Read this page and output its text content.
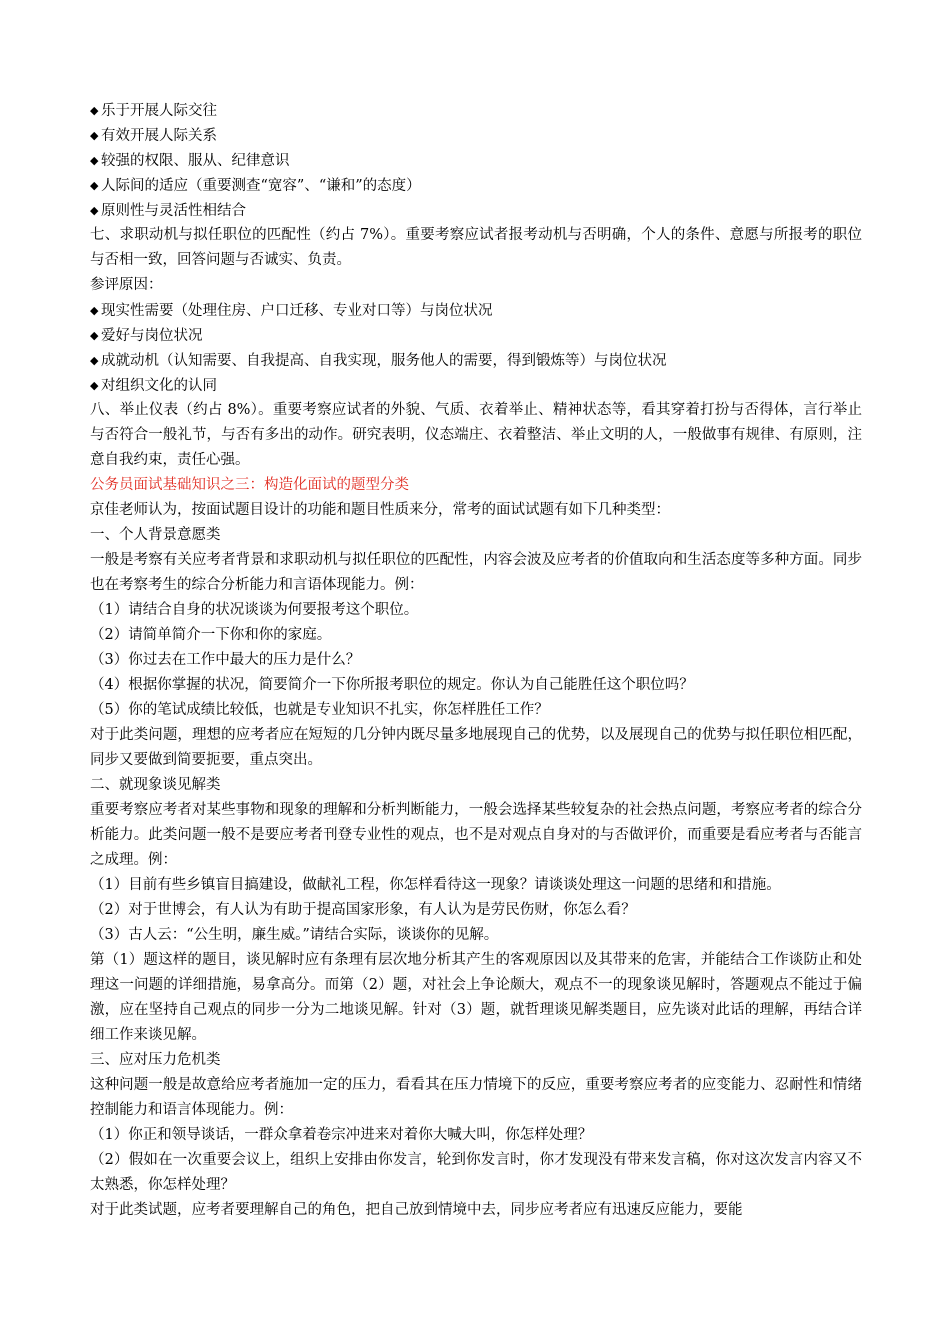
◆ 乐于开展人际交往
◆ 有效开展人际关系
◆ 较强的权限、服从、纪律意识
◆ 人际间的适应（重要测查“宽容”、“谦和”的态度）
◆ 原则性与灵活性相结合
七、求职动机与拟任职位的匹配性（约占 7%）。重要考察应试者报考动机与否明确，个人的条件、意愿与所报考的职位与否相一致，回答问题与否诚实、负责。
参评原因：
◆ 现实性需要（处理住房、户口迁移、专业对口等）与岗位状况
◆ 爱好与岗位状况
◆ 成就动机（认知需要、自我提高、自我实现，服务他人的需要，得到锻炼等）与岗位状况
◆ 对组织文化的认同
八、举止仪表（约占 8%）。重要考察应试者的外貌、气质、衣着举止、精神状态等，看其穿着打扮与否得体，言行举止与否符合一般礼节，与否有多出的动作。研究表明，仪态端庄、衣着整洁、举止文明的人，一般做事有规律、有原则，注意自我约束，责任心强。
公务员面试基础知识之三：构造化面试的题型分类
京佳老师认为，按面试题目设计的功能和题目性质来分，常考的面试试题有如下几种类型：
一、个人背景意愿类
一般是考察有关应考者背景和求职动机与拟任职位的匹配性，内容会波及应考者的价值取向和生活态度等多种方面。同步也在考察考生的综合分析能力和言语体现能力。例：
（1）请结合自身的状况谈谈为何要报考这个职位。
（2）请简单简介一下你和你的家庭。
（3）你过去在工作中最大的压力是什么？
（4）根据你掌握的状况，简要简介一下你所报考职位的规定。你认为自己能胜任这个职位吗？
（5）你的笔试成绩比较低，也就是专业知识不扎实，你怎样胜任工作？
对于此类问题，理想的应考者应在短短的几分钟内既尽量多地展现自己的优势，以及展现自己的优势与拟任职位相匹配，同步又要做到简要扼要，重点突出。
二、就现象谈见解类
重要考察应考者对某些事物和现象的理解和分析判断能力，一般会选择某些较复杂的社会热点问题，考察应考者的综合分析能力。此类问题一般不是要应考者刊登专业性的观点，也不是对观点自身对的与否做评价，而重要是看应考者与否能言之成理。例：
（1）目前有些乡镇盲目搞建设，做献礼工程，你怎样看待这一现象？请谈谈处理这一问题的思绪和和措施。
（2）对于世博会，有人认为有助于提高国家形象，有人认为是劳民伤财，你怎么看？
（3）古人云：“公生明，廉生威。”请结合实际，谈谈你的见解。
第（1）题这样的题目，谈见解时应有条理有层次地分析其产生的客观原因以及其带来的危害，并能结合工作谈防止和处理这一问题的详细措施，易拿高分。而第（2）题，对社会上争论颇大，观点不一的现象谈见解时，答题观点不能过于偏激，应在坚持自己观点的同步一分为二地谈见解。针对（3）题，就哲理谈见解类题目，应先谈对此话的理解，再结合详细工作来谈见解。
三、应对压力危机类
这种问题一般是故意给应考者施加一定的压力，看看其在压力情境下的反应，重要考察应考者的应变能力、忍耐性和情绪控制能力和语言体现能力。例：
（1）你正和领导谈话，一群众拿着卷宗冲进来对着你大喊大叫，你怎样处理？
（2）假如在一次重要会议上，组织上安排由你发言，轮到你发言时，你才发现没有带来发言稿，你对这次发言内容又不太熟悉，你怎样处理？
对于此类试题，应考者要理解自己的角色，把自己放到情境中去，同步应考者应有迅速反应能力，要能
